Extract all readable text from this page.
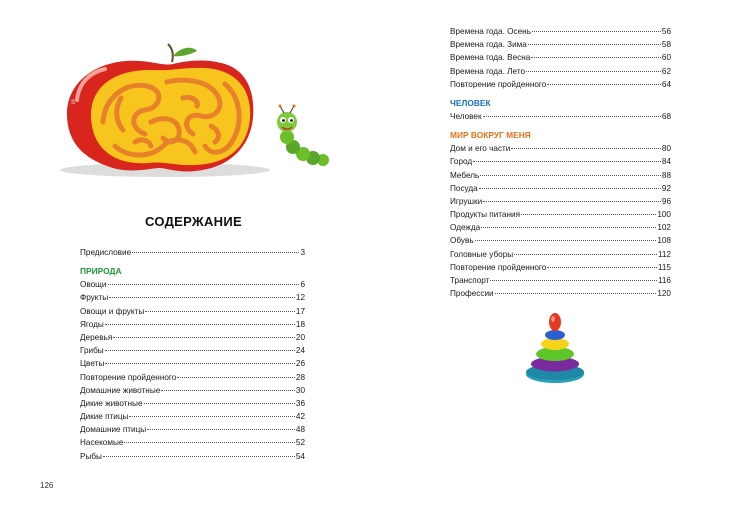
S
СОДЕРЖАНИЕ
Предисловие	3
ПРИРОДА
Овощи	6
Фрукты	12
Овощи и фрукты	17
Ягоды	18
Деревья	20
Грибы	24
Цветы	26
Повторение пройденного	28
Домашние животные	30
Дикие животные	36
Дикие птицы	42
Домашние птицы	48
Насекомые	52
Рыбы	54
Времена года. Осень	56
Времена года. Зима	58
Времена года. Весна	60
Времена года. Лето	62
Повторение пройденного	64
ЧЕЛОВЕК
Человек	68
МИР ВОКРУГ МЕНЯ
Дом и его части	80
Город	84
Мебель	88
Посуда	92
Игрушки	96
Продукты питания	100
Одежда	102
Обувь	108
Головные уборы	112
Повторение пройденного	115
Транспорт	116
Профессии	120
126
